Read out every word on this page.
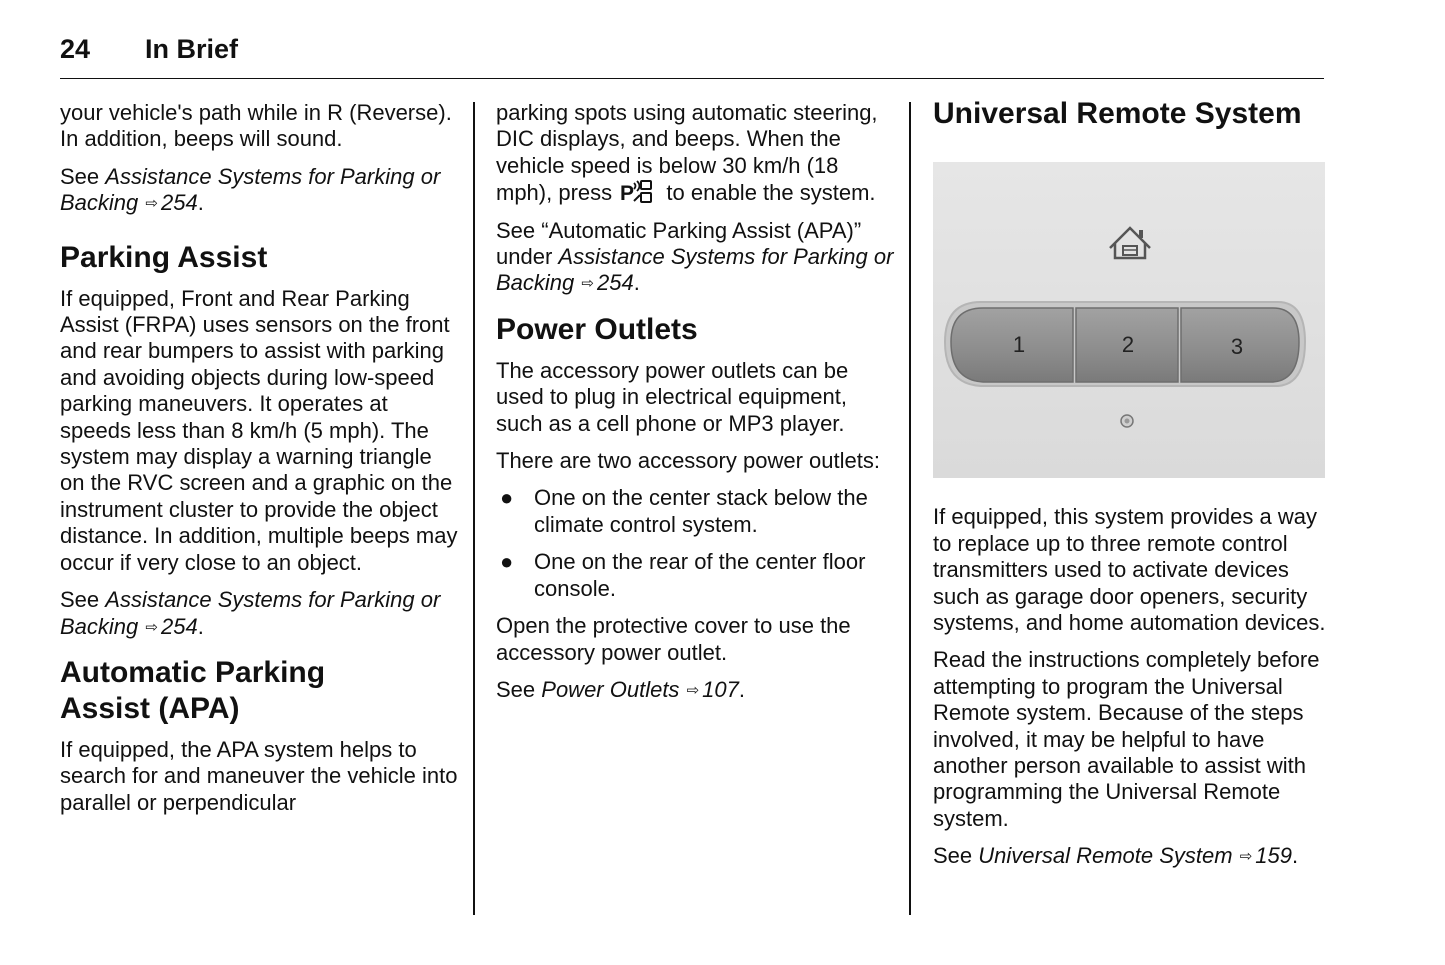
24 In Brief

your vehicle's path while in R (Reverse). In addition, beeps will sound.

See Assistance Systems for Parking or Backing ⇨ 254.

Parking Assist

If equipped, Front and Rear Parking Assist (FRPA) uses sensors on the front and rear bumpers to assist with parking and avoiding objects during low-speed parking maneuvers. It operates at speeds less than 8 km/h (5 mph). The system may display a warning triangle on the RVC screen and a graphic on the instrument cluster to provide the object distance. In addition, multiple beeps may occur if very close to an object.

See Assistance Systems for Parking or Backing ⇨ 254.

Automatic Parking Assist (APA)

If equipped, the APA system helps to search for and maneuver the vehicle into parallel or perpendicular

parking spots using automatic steering, DIC displays, and beeps. When the vehicle speed is below 30 km/h (18 mph), press P to enable the system.

See “Automatic Parking Assist (APA)” under Assistance Systems for Parking or Backing ⇨ 254.

Power Outlets

The accessory power outlets can be used to plug in electrical equipment, such as a cell phone or MP3 player.

There are two accessory power outlets:

● One on the center stack below the climate control system.
● One on the rear of the center floor console.

Open the protective cover to use the accessory power outlet.

See Power Outlets ⇨ 107.

Universal Remote System
1	2	3

If equipped, this system provides a way to replace up to three remote control transmitters used to activate devices such as garage door openers, security systems, and home automation devices.

Read the instructions completely before attempting to program the Universal Remote system. Because of the steps involved, it may be helpful to have another person available to assist with programming the Universal Remote system.

See Universal Remote System ⇨ 159.
